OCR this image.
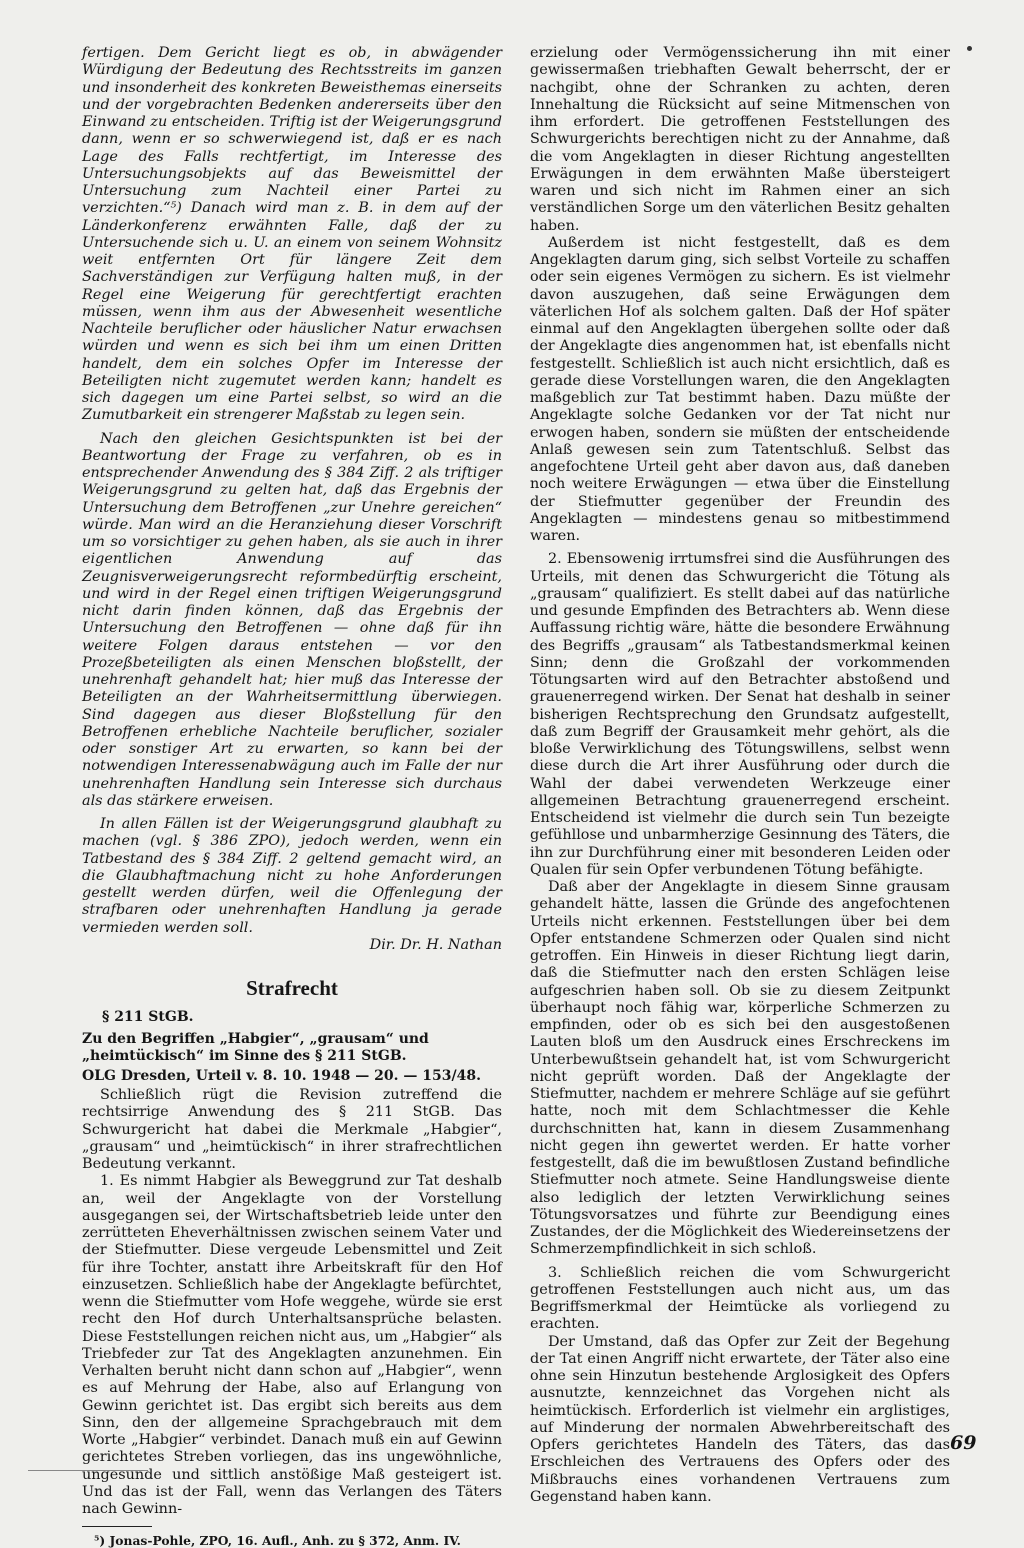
fertigen. Dem Gericht liegt es ob, in abwägender Würdigung der Bedeutung des Rechtsstreits im ganzen und insonderheit des konkreten Beweisthemas einerseits und der vorgebrachten Bedenken andererseits über den Einwand zu entscheiden. Triftig ist der Weigerungsgrund dann, wenn er so schwerwiegend ist, daß er es nach Lage des Falls rechtfertigt, im Interesse des Untersuchungsobjekts auf das Beweismittel der Untersuchung zum Nachteil einer Partei zu verzichten.“⁵) Danach wird man z. B. in dem auf der Länderkonferenz erwähnten Falle, daß der zu Untersuchende sich u. U. an einem von seinem Wohnsitz weit entfernten Ort für längere Zeit dem Sachverständigen zur Verfügung halten muß, in der Regel eine Weigerung für gerechtfertigt erachten müssen, wenn ihm aus der Abwesenheit wesentliche Nachteile beruflicher oder häuslicher Natur erwachsen würden und wenn es sich bei ihm um einen Dritten handelt, dem ein solches Opfer im Interesse der Beteiligten nicht zugemutet werden kann; handelt es sich dagegen um eine Partei selbst, so wird an die Zumutbarkeit ein strengerer Maßstab zu legen sein.

Nach den gleichen Gesichtspunkten ist bei der Beantwortung der Frage zu verfahren, ob es in entsprechender Anwendung des § 384 Ziff. 2 als triftiger Weigerungsgrund zu gelten hat, daß das Ergebnis der Untersuchung dem Betroffenen „zur Unehre gereichen“ würde. Man wird an die Heranziehung dieser Vorschrift um so vorsichtiger zu gehen haben, als sie auch in ihrer eigentlichen Anwendung auf das Zeugnisverweigerungsrecht reformbedürftig erscheint, und wird in der Regel einen triftigen Weigerungsgrund nicht darin finden können, daß das Ergebnis der Untersuchung den Betroffenen — ohne daß für ihn weitere Folgen daraus entstehen — vor den Prozeßbeteiligten als einen Menschen bloßstellt, der unehrenhaft gehandelt hat; hier muß das Interesse der Beteiligten an der Wahrheitsermittlung überwiegen. Sind dagegen aus dieser Bloßstellung für den Betroffenen erhebliche Nachteile beruflicher, sozialer oder sonstiger Art zu erwarten, so kann bei der notwendigen Interessenabwägung auch im Falle der nur unehrenhaften Handlung sein Interesse sich durchaus als das stärkere erweisen.

In allen Fällen ist der Weigerungsgrund glaubhaft zu machen (vgl. § 386 ZPO), jedoch werden, wenn ein Tatbestand des § 384 Ziff. 2 geltend gemacht wird, an die Glaubhaftmachung nicht zu hohe Anforderungen gestellt werden dürfen, weil die Offenlegung der strafbaren oder unehrenhaften Handlung ja gerade vermieden werden soll.

Dir. Dr. H. Nathan

Strafrecht
§ 211 StGB.
Zu den Begriffen „Habgier“, „grausam“ und „heimtückisch“ im Sinne des § 211 StGB.
OLG Dresden, Urteil v. 8. 10. 1948 — 20. — 153/48.

Schließlich rügt die Revision zutreffend die rechtsirrige Anwendung des § 211 StGB. Das Schwurgericht hat dabei die Merkmale „Habgier“, „grausam“ und „heimtückisch“ in ihrer strafrechtlichen Bedeutung verkannt.

1. Es nimmt Habgier als Beweggrund zur Tat deshalb an, weil der Angeklagte von der Vorstellung ausgegangen sei, der Wirtschaftsbetrieb leide unter den zerrütteten Eheverhältnissen zwischen seinem Vater und der Stiefmutter. Diese vergeude Lebensmittel und Zeit für ihre Tochter, anstatt ihre Arbeitskraft für den Hof einzusetzen. Schließlich habe der Angeklagte befürchtet, wenn die Stiefmutter vom Hofe weggehe, würde sie erst recht den Hof durch Unterhaltsansprüche belasten. Diese Feststellungen reichen nicht aus, um „Habgier“ als Triebfeder zur Tat des Angeklagten anzunehmen. Ein Verhalten beruht nicht dann schon auf „Habgier“, wenn es auf Mehrung der Habe, also auf Erlangung von Gewinn gerichtet ist. Das ergibt sich bereits aus dem Sinn, den der allgemeine Sprachgebrauch mit dem Worte „Habgier“ verbindet. Danach muß ein auf Gewinn gerichtetes Streben vorliegen, das ins ungewöhnliche, ungesunde und sittlich anstößige Maß gesteigert ist. Und das ist der Fall, wenn das Verlangen des Täters nach Gewinn-

⁵) Jonas-Pohle, ZPO, 16. Aufl., Anh. zu § 372, Anm. IV.

erzielung oder Vermögenssicherung ihn mit einer gewissermaßen triebhaften Gewalt beherrscht, der er nachgibt, ohne der Schranken zu achten, deren Innehaltung die Rücksicht auf seine Mitmenschen von ihm erfordert. Die getroffenen Feststellungen des Schwurgerichts berechtigen nicht zu der Annahme, daß die vom Angeklagten in dieser Richtung angestellten Erwägungen in dem erwähnten Maße übersteigert waren und sich nicht im Rahmen einer an sich verständlichen Sorge um den väterlichen Besitz gehalten haben.

Außerdem ist nicht festgestellt, daß es dem Angeklagten darum ging, sich selbst Vorteile zu schaffen oder sein eigenes Vermögen zu sichern. Es ist vielmehr davon auszugehen, daß seine Erwägungen dem väterlichen Hof als solchem galten. Daß der Hof später einmal auf den Angeklagten übergehen sollte oder daß der Angeklagte dies angenommen hat, ist ebenfalls nicht festgestellt. Schließlich ist auch nicht ersichtlich, daß es gerade diese Vorstellungen waren, die den Angeklagten maßgeblich zur Tat bestimmt haben. Dazu müßte der Angeklagte solche Gedanken vor der Tat nicht nur erwogen haben, sondern sie müßten der entscheidende Anlaß gewesen sein zum Tatentschluß. Selbst das angefochtene Urteil geht aber davon aus, daß daneben noch weitere Erwägungen — etwa über die Einstellung der Stiefmutter gegenüber der Freundin des Angeklagten — mindestens genau so mitbestimmend waren.

2. Ebensowenig irrtumsfrei sind die Ausführungen des Urteils, mit denen das Schwurgericht die Tötung als „grausam“ qualifiziert. Es stellt dabei auf das natürliche und gesunde Empfinden des Betrachters ab. Wenn diese Auffassung richtig wäre, hätte die besondere Erwähnung des Begriffs „grausam“ als Tatbestandsmerkmal keinen Sinn; denn die Großzahl der vorkommenden Tötungsarten wird auf den Betrachter abstoßend und grauenerregend wirken. Der Senat hat deshalb in seiner bisherigen Rechtsprechung den Grundsatz aufgestellt, daß zum Begriff der Grausamkeit mehr gehört, als die bloße Verwirklichung des Tötungswillens, selbst wenn diese durch die Art ihrer Ausführung oder durch die Wahl der dabei verwendeten Werkzeuge einer allgemeinen Betrachtung grauenerregend erscheint. Entscheidend ist vielmehr die durch sein Tun bezeigte gefühllose und unbarmherzige Gesinnung des Täters, die ihn zur Durchführung einer mit besonderen Leiden oder Qualen für sein Opfer verbundenen Tötung befähigte.

Daß aber der Angeklagte in diesem Sinne grausam gehandelt hätte, lassen die Gründe des angefochtenen Urteils nicht erkennen. Feststellungen über bei dem Opfer entstandene Schmerzen oder Qualen sind nicht getroffen. Ein Hinweis in dieser Richtung liegt darin, daß die Stiefmutter nach den ersten Schlägen leise aufgeschrien haben soll. Ob sie zu diesem Zeitpunkt überhaupt noch fähig war, körperliche Schmerzen zu empfinden, oder ob es sich bei den ausgestoßenen Lauten bloß um den Ausdruck eines Erschreckens im Unterbewußtsein gehandelt hat, ist vom Schwurgericht nicht geprüft worden. Daß der Angeklagte der Stiefmutter, nachdem er mehrere Schläge auf sie geführt hatte, noch mit dem Schlachtmesser die Kehle durchschnitten hat, kann in diesem Zusammenhang nicht gegen ihn gewertet werden. Er hatte vorher festgestellt, daß die im bewußtlosen Zustand befindliche Stiefmutter noch atmete. Seine Handlungsweise diente also lediglich der letzten Verwirklichung seines Tötungsvorsatzes und führte zur Beendigung eines Zustandes, der die Möglichkeit des Wiedereinsetzens der Schmerzempfindlichkeit in sich schloß.

3. Schließlich reichen die vom Schwurgericht getroffenen Feststellungen auch nicht aus, um das Begriffsmerkmal der Heimtücke als vorliegend zu erachten.

Der Umstand, daß das Opfer zur Zeit der Begehung der Tat einen Angriff nicht erwartete, der Täter also eine ohne sein Hinzutun bestehende Arglosigkeit des Opfers ausnutzte, kennzeichnet das Vorgehen nicht als heimtückisch. Erforderlich ist vielmehr ein arglistiges, auf Minderung der normalen Abwehrbereitschaft des Opfers gerichtetes Handeln des Täters, das das Erschleichen des Vertrauens des Opfers oder des Mißbrauchs eines vorhandenen Vertrauens zum Gegenstand haben kann.

69
